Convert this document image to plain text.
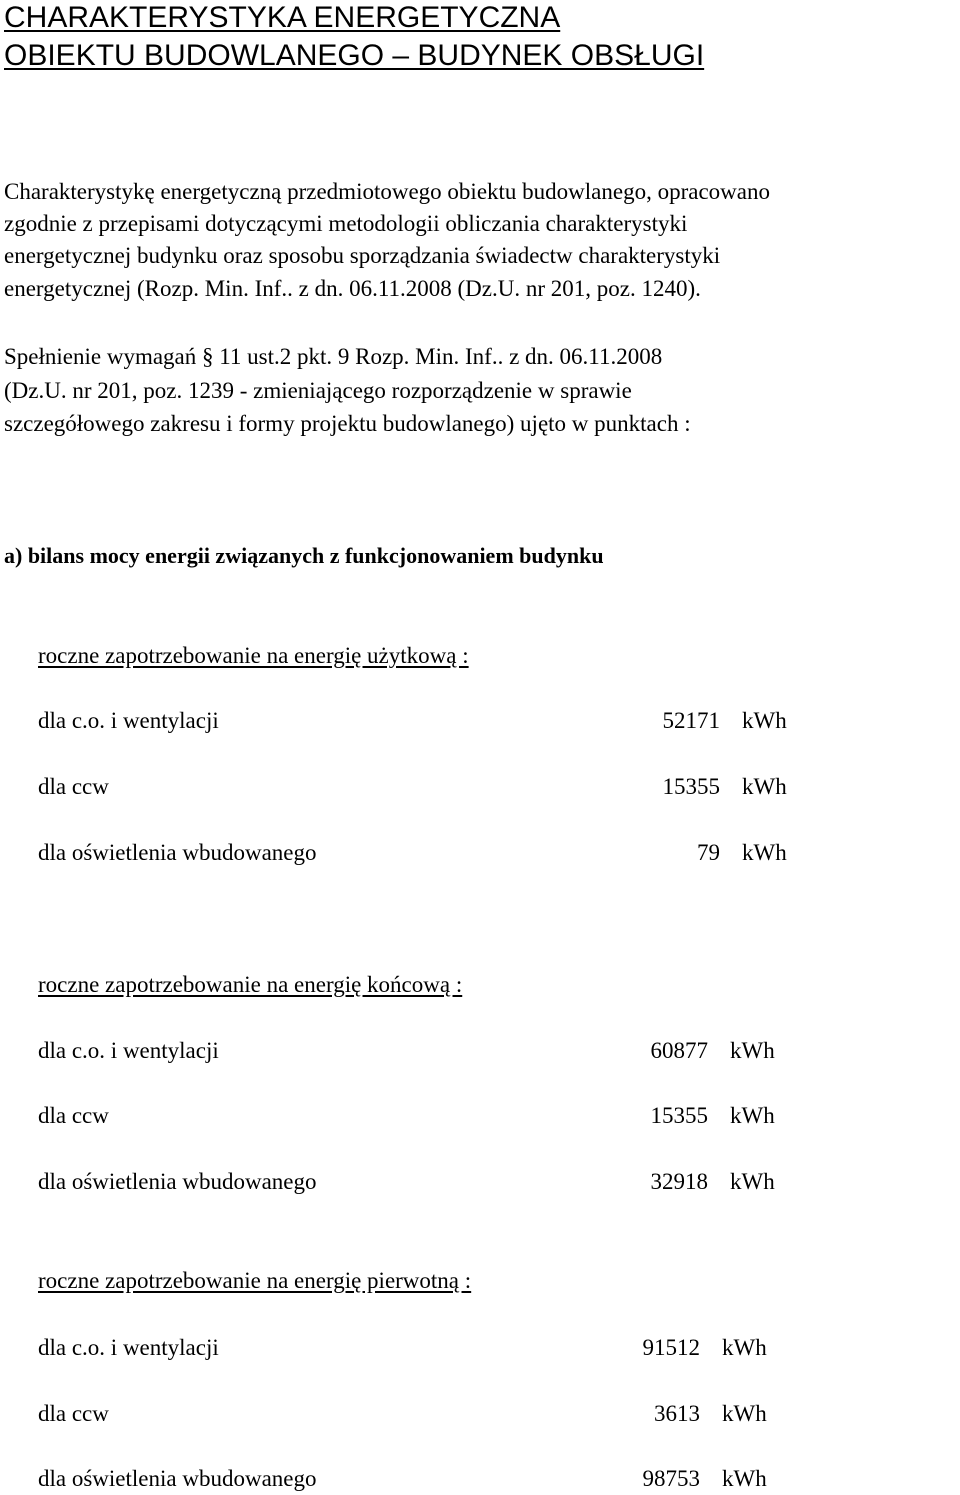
CHARAKTERYSTYKA ENERGETYCZNA
OBIEKTU BUDOWLANEGO – BUDYNEK OBSŁUGI
Charakterystykę energetyczną przedmiotowego obiektu budowlanego, opracowano
zgodnie z przepisami dotyczącymi metodologii obliczania charakterystyki
energetycznej budynku oraz sposobu sporządzania świadectw charakterystyki
energetycznej (Rozp. Min. Inf.. z dn. 06.11.2008 (Dz.U. nr 201, poz. 1240).
Spełnienie wymagań § 11 ust.2 pkt. 9 Rozp. Min. Inf.. z dn. 06.11.2008
(Dz.U. nr 201, poz. 1239 - zmieniającego rozporządzenie w sprawie
szczegółowego zakresu i formy projektu budowlanego) ujęto w punktach :
a) bilans mocy energii związanych z funkcjonowaniem budynku
roczne zapotrzebowanie na energię użytkową :
dla c.o. i wentylacji	52171 kWh
dla ccw	15355 kWh
dla oświetlenia wbudowanego	79 kWh
roczne zapotrzebowanie na energię końcową :
dla c.o. i wentylacji	60877 kWh
dla ccw	15355 kWh
dla oświetlenia wbudowanego	32918 kWh
roczne zapotrzebowanie na energię pierwotną :
dla c.o. i wentylacji	91512 kWh
dla ccw	3613 kWh
dla oświetlenia wbudowanego	98753 kWh
